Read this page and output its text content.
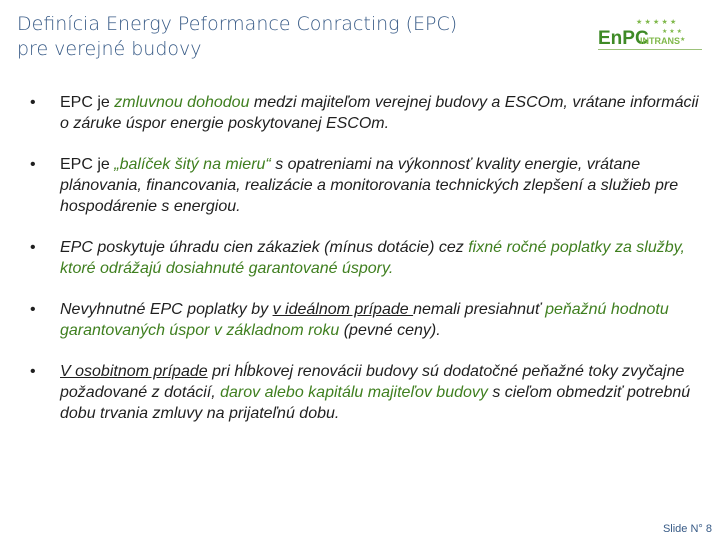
Definícia Energy Peformance Conracting (EPC)
pre verejné budovy
★ ★ ★ ★ ★
★ ★ ★
★
EnPC
INTRANS
• EPC je zmluvnou dohodou medzi majiteľom verejnej budovy a ESCOm, vrátane informácii o záruke úspor energie poskytovanej ESCOm.
• EPC je „balíček šitý na mieru“ s opatreniami na výkonnosť kvality energie, vrátane plánovania, financovania, realizácie a monitorovania technických zlepšení a služieb pre hospodárenie s energiou.
• EPC poskytuje úhradu cien zákaziek (mínus dotácie) cez fixné ročné poplatky za služby, ktoré odrážajú dosiahnuté garantované úspory.
• Nevyhnutné EPC poplatky by v ideálnom prípade nemali presiahnuť peňažnú hodnotu garantovaných úspor v základnom roku (pevné ceny).
• V osobitnom prípade pri hĺbkovej renovácii budovy sú dodatočné peňažné toky zvyčajne požadované z dotácií, darov alebo kapitálu majiteľov budovy s cieľom obmedziť potrebnú dobu trvania zmluvy na prijateľnú dobu.
Slide N° 8
